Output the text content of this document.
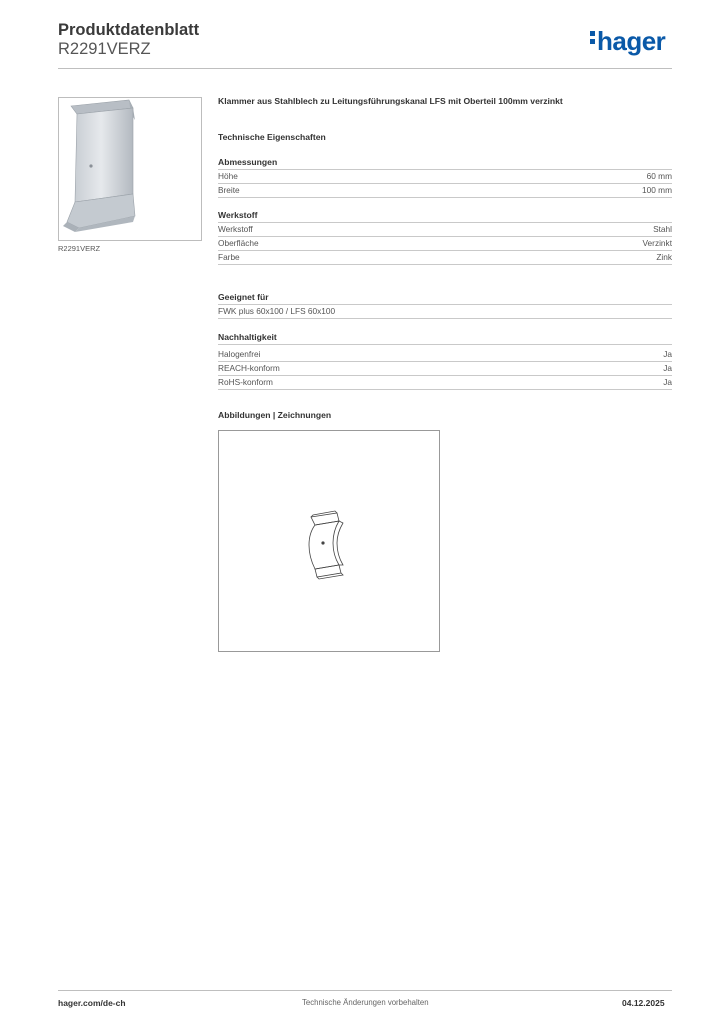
Produktdatenblatt
R2291VERZ	hager
R2291VERZ
Klammer aus Stahlblech zu Leitungsführungskanal LFS mit Oberteil 100mm verzinkt
Technische Eigenschaften
Abmessungen
Höhe	60 mm
Breite	100 mm
Werkstoff
Werkstoff	Stahl
Oberfläche	Verzinkt
Farbe	Zink
Geeignet für
FWK plus 60x100 / LFS 60x100
Nachhaltigkeit
Halogenfrei	Ja
REACH-konform	Ja
RoHS-konform	Ja
Abbildungen | Zeichnungen
hager.com/de-ch	Technische Änderungen vorbehalten	04.12.2025
